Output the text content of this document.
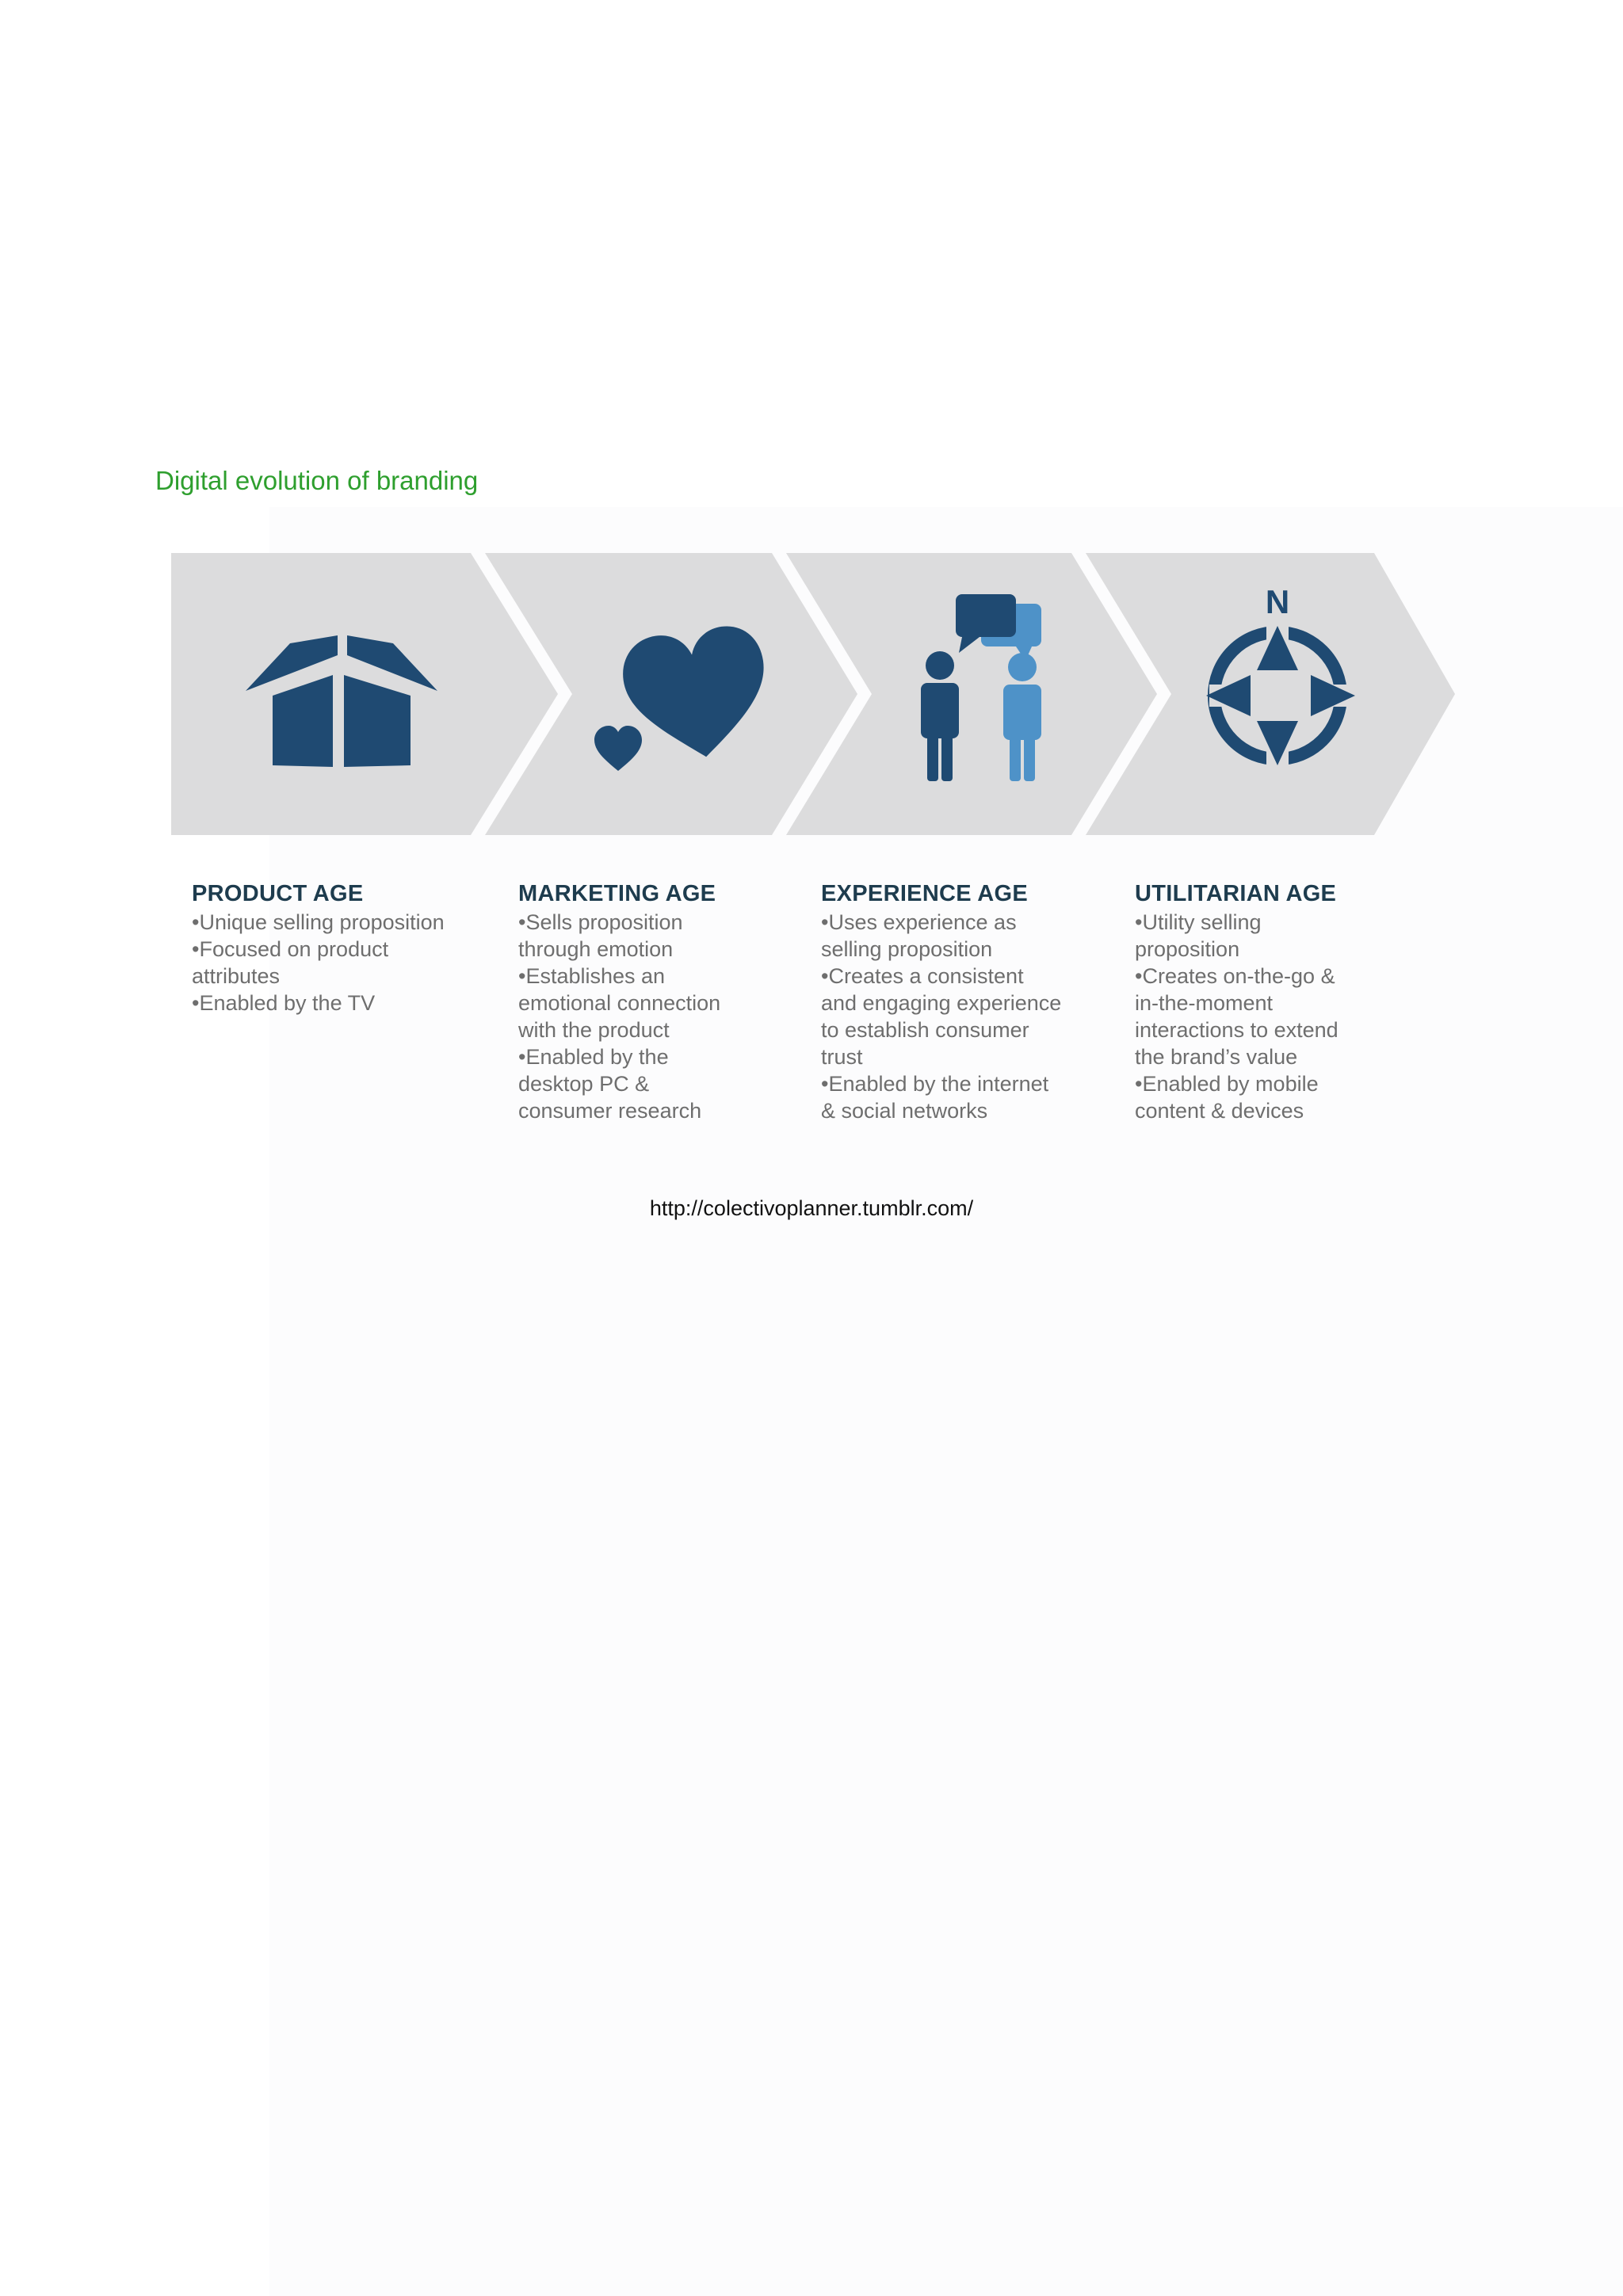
Digital evolution of branding
N
PRODUCT AGE
•Unique selling proposition
•Focused on product
attributes
•Enabled by the TV
MARKETING AGE
•Sells proposition
through emotion
•Establishes an
emotional connection
with the product
•Enabled by the
desktop PC &
consumer research
EXPERIENCE AGE
•Uses experience as
selling proposition
•Creates a consistent
and engaging experience
to establish consumer
trust
•Enabled by the internet
& social networks
UTILITARIAN AGE
•Utility selling
proposition
•Creates on-the-go &
in-the-moment
interactions to extend
the brand’s value
•Enabled by mobile
content & devices
http://colectivoplanner.tumblr.com/
